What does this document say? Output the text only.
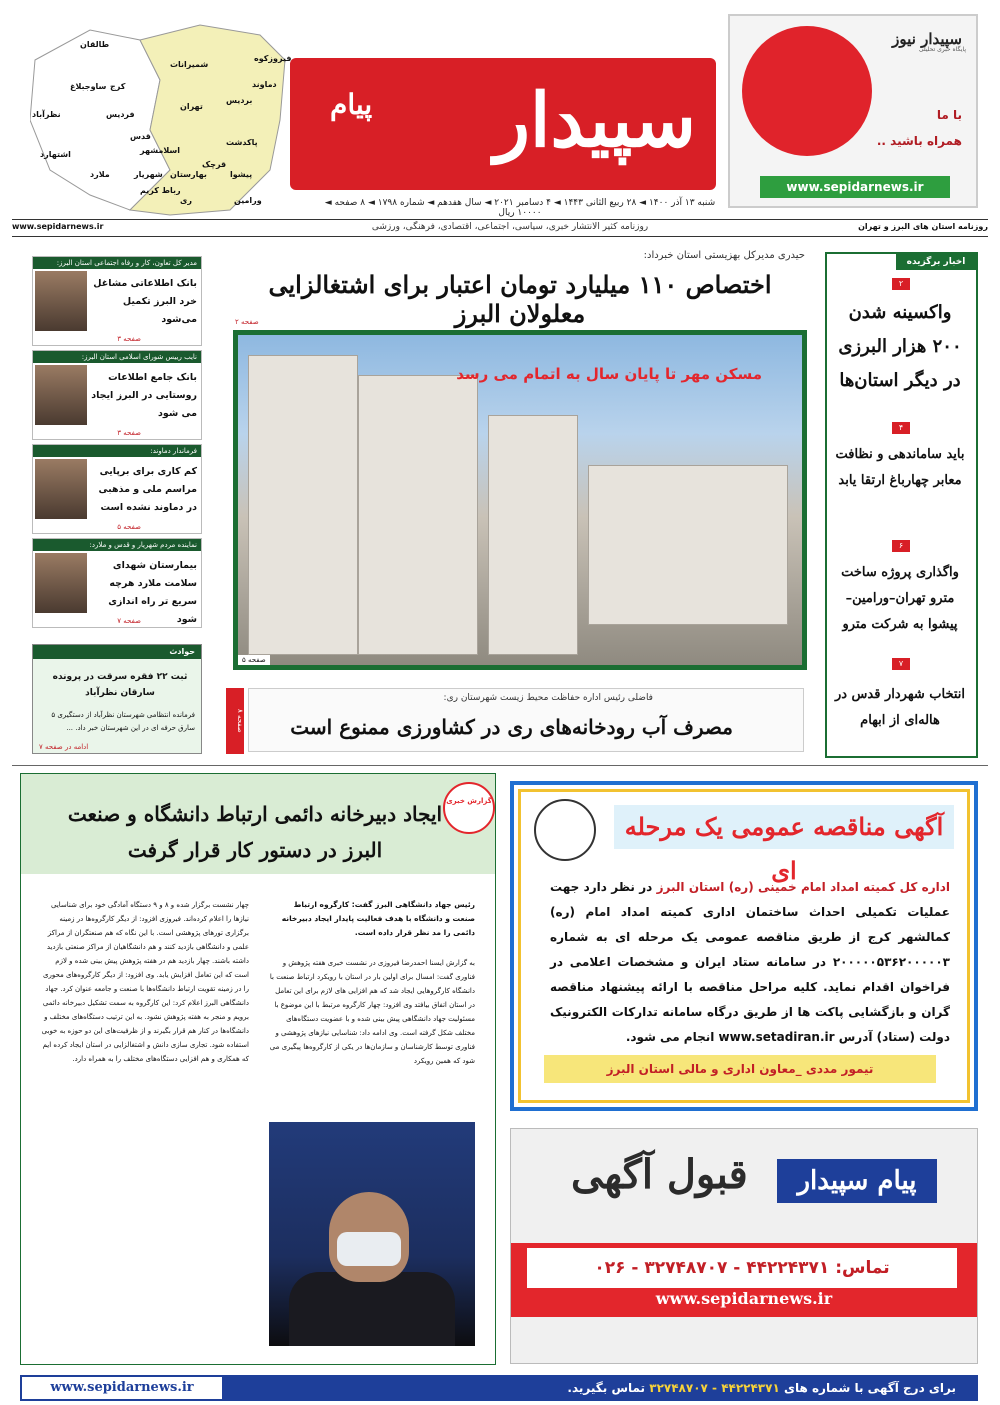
سپیدار نیوز
پایگاه خبری تحلیلی
با ما
همراه باشید ..
www.sepidarnews.ir
سپیدار
پیام
شنبه ۱۳ آذر ۱۴۰۰ ◄ ۲۸ ربیع الثانی ۱۴۴۳ ◄ ۴ دسامبر ۲۰۲۱ ◄ سال هفدهم ◄ شماره ۱۷۹۸ ◄ ۸ صفحه ◄ ۱۰۰۰۰ ریال
روزنامه کثیر الانتشار خبری، سیاسی، اجتماعی، اقتصادی، فرهنگی، ورزشی
طالقان
ساوجبلاغ کرج
نظرآباد
اشتهارد
فردیس
ملارد
شمیرانات
تهران
بردیس
دماوند
فیروزکوه
پاکدشت
پیشوا
ورامین
قرچک
ری
اسلامشهر
شهریار
قدس
رباط کریم
بهارستان
روزنامه استان های البرز و تهران
www.sepidarnews.ir
مدیر کل تعاون، کار و رفاه اجتماعی استان البرز:
بانک اطلاعاتی مشاغل خرد البرز تکمیل می‌شود
صفحه ۳
نایب رییس شورای اسلامی استان البرز:
بانک جامع اطلاعات روستایی در البرز ایجاد می شود
صفحه ۳
فرماندار دماوند:
کم کاری برای برپایی مراسم ملی و مذهبی در دماوند نشده است
صفحه ۵
نماینده مردم شهریار و قدس و ملارد:
بیمارستان شهدای سلامت ملارد هرچه سریع تر راه اندازی شود
صفحه ۷
حوادث
ثبت ۲۲ فقره سرقت در پرونده سارقان نظرآباد
فرمانده انتظامی شهرستان نظرآباد از دستگیری ۵ سارق حرفه ای در این شهرستان خبر داد. ...
ادامه در صفحه ۷
حیدری مدیرکل بهزیستی استان خبرداد:
اختصاص ۱۱۰ میلیارد تومان اعتبار برای اشتغالزایی معلولان البرز
صفحه ۲
مسکن مهر تا پایان سال به اتمام می رسد
صفحه ۵
صفحه ۸
فاضلی رئیس اداره حفاظت محیط زیست شهرستان ری:
مصرف آب رودخانه‌های ری در کشاورزی ممنوع است
اخبار برگزیده
۲
واکسینه شدن ۲۰۰ هزار البرزی در دیگر استان‌ها
۴
باید ساماندهی و نظافت معابر چهارباغ ارتقا یابد
۶
واگذاری پروژه ساخت مترو تهران–ورامین–پیشوا به شرکت مترو
۷
انتخاب شهردار قدس در هاله‌ای از ابهام
گزارش خبری
ایجاد دبیرخانه دائمی ارتباط دانشگاه و صنعت البرز در دستور کار قرار گرفت
رئیس جهاد دانشگاهی البرز گفت: کارگروه ارتباط صنعت و دانشگاه با هدف فعالیت پایدار ایجاد دبیرخانه دائمی را مد نظر قرار داده است.
به گزارش ایسنا احمدرضا فیروزی در نشست خبری هفته پژوهش و فناوری گفت: امسال برای اولین بار در استان با رویکرد ارتباط صنعت با دانشگاه کارگروهایی ایجاد شد که هم افزایی های لازم برای این تعامل در استان اتفاق بیافتد وی افزود: چهار کارگروه مرتبط با این موضوع با مسئولیت جهاد دانشگاهی پیش بینی شده و با عضویت دستگاه‌های مختلف شکل گرفته است. وی ادامه داد: شناسایی نیازهای پژوهشی و فناوری توسط کارشناسان و سازمان‌ها در یکی از کارگروه‌ها پیگیری می شود که همین رویکرد
چهار نشست برگزار شده و ۸ و ۹ دستگاه آمادگی خود برای شناسایی نیازها را اعلام کرده‌اند. فیروزی افزود: از دیگر کارگروه‌ها در زمینه برگزاری تورهای پژوهشی است. با این نگاه که هم صنعتگران از مراکز علمی و دانشگاهی بازدید کنند و هم دانشگاهیان از مراکز صنعتی بازدید داشته باشند. چهار بازدید هم در هفته پژوهش پیش بینی شده و لازم است که این تعامل افزایش یابد. وی افزود: از دیگر کارگروه‌های محوری را در زمینه تقویت ارتباط دانشگاه‌ها با صنعت و جامعه عنوان کرد. جهاد دانشگاهی البرز اعلام کرد: این کارگروه به سمت تشکیل دبیرخانه دائمی برویم و منجر به هفته پژوهش نشود. به این ترتیب دستگاه‌های مختلف و دانشگاه‌ها در کنار هم قرار بگیرند و از ظرفیت‌های این دو حوزه به خوبی استفاده شود. تجاری سازی دانش و اشتغالزایی در استان ایجاد کرده ایم که همکاری و هم افزایی دستگاه‌های مختلف را به همراه دارد.
آگهی مناقصه عمومی یک مرحله ای
اداره کل کمیته امداد امام خمینی (ره) استان البرز در نظر دارد جهت عملیات تکمیلی احداث ساختمان اداری کمیته امداد امام (ره) کمالشهر کرج از طریق مناقصه عمومی یک مرحله ای به شماره ۲۰۰۰۰۰۵۳۶۲۰۰۰۰۰۳ در سامانه ستاد ایران و مشخصات اعلامی در فراخوان اقدام نماید. کلیه مراحل مناقصه با ارائه پیشنهاد مناقصه گران و بازگشایی پاکت ها از طریق درگاه سامانه تدارکات الکترونیک دولت (ستاد) آدرس www.setadiran.ir انجام می شود.
تیمور مددی _معاون اداری و مالی استان البرز
پیام سپیدار
قبول آگهی
تماس: ۴۴۲۲۴۳۷۱ - ۳۲۷۴۸۷۰۷ - ۰۲۶
www.sepidarnews.ir
www.sepidarnews.ir	برای درج آگهی با شماره های ۴۴۲۲۴۳۷۱ - ۳۲۷۴۸۷۰۷ تماس بگیرید.
